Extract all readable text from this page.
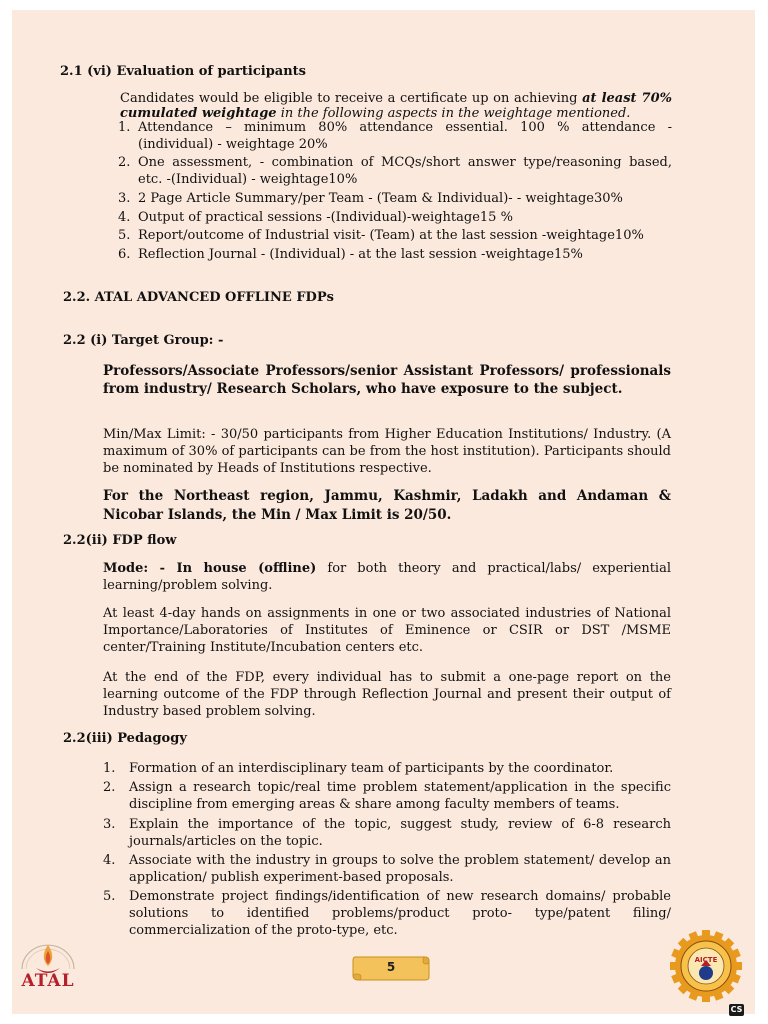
2.1 (vi) Evaluation of participants
Candidates would be eligible to receive a certificate up on achieving at least 70% cumulated weightage in the following aspects in the weightage mentioned.
1. Attendance – minimum 80% attendance essential. 100 % attendance - (individual) - weightage 20%
2. One assessment, - combination of MCQs/short answer type/reasoning based, etc. -(Individual) - weightage10%
3. 2 Page Article Summary/per Team - (Team & Individual)- - weightage30%
4. Output of practical sessions -(Individual)-weightage15 %
5. Report/outcome of Industrial visit- (Team) at the last session -weightage10%
6. Reflection Journal - (Individual) - at the last session -weightage15%
2.2. ATAL ADVANCED OFFLINE FDPs
2.2 (i) Target Group: -
Professors/Associate Professors/senior Assistant Professors/ professionals from industry/ Research Scholars, who have exposure to the subject.
Min/Max Limit: - 30/50 participants from Higher Education Institutions/ Industry. (A maximum of 30% of participants can be from the host institution). Participants should be nominated by Heads of Institutions respective.
For the Northeast region, Jammu, Kashmir, Ladakh and Andaman & Nicobar Islands, the Min / Max Limit is 20/50.
2.2(ii) FDP flow
Mode: - In house (offline) for both theory and practical/labs/ experiential learning/problem solving.
At least 4-day hands on assignments in one or two associated industries of National Importance/Laboratories of Institutes of Eminence or CSIR or DST /MSME center/Training Institute/Incubation centers etc.
At the end of the FDP, every individual has to submit a one-page report on the learning outcome of the FDP through Reflection Journal and present their output of Industry based problem solving.
2.2(iii) Pedagogy
1. Formation of an interdisciplinary team of participants by the coordinator.
2. Assign a research topic/real time problem statement/application in the specific discipline from emerging areas & share among faculty members of teams.
3. Explain the importance of the topic, suggest study, review of 6-8 research journals/articles on the topic.
4. Associate with the industry in groups to solve the problem statement/ develop an application/ publish experiment-based proposals.
5. Demonstrate project findings/identification of new research domains/ probable solutions to identified problems/product proto- type/patent filing/ commercialization of the proto-type, etc.
ATAL
5	AICTE
CS
